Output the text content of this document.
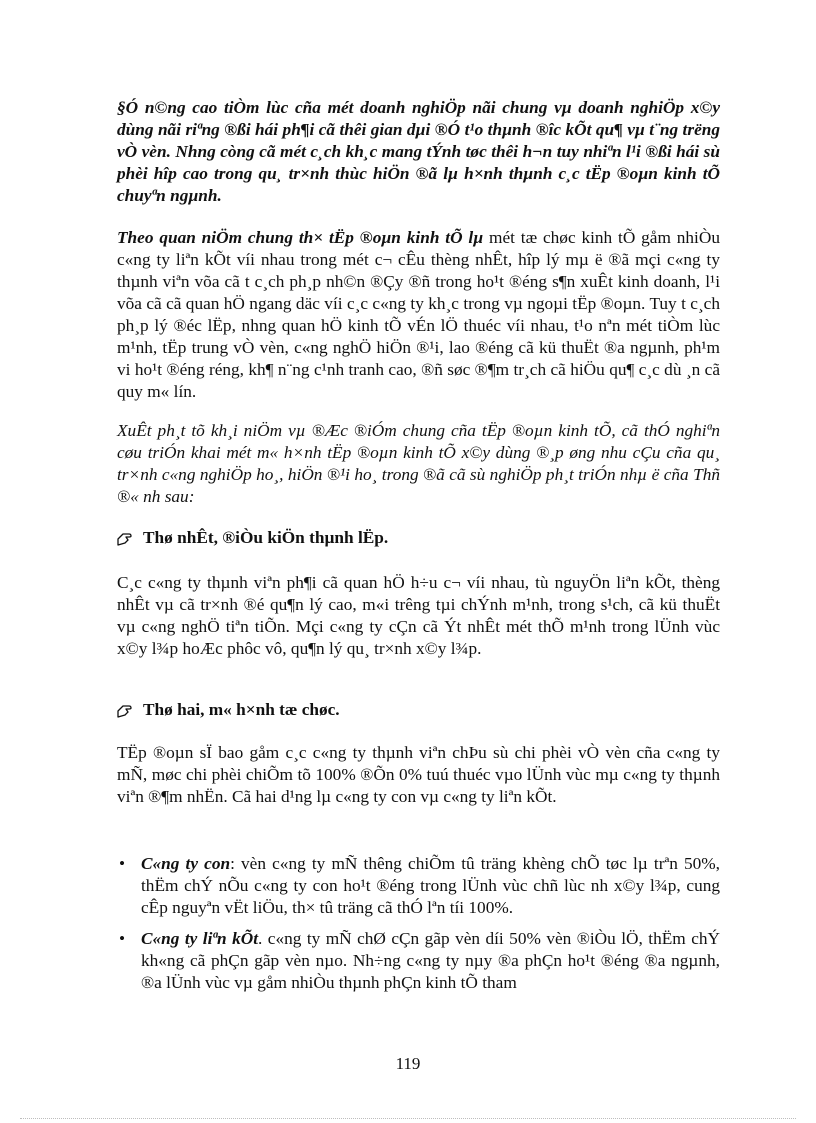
§Ó n©ng cao tiÒm lùc cña mét doanh nghiÖp nãi chung vµ doanh nghiÖp x©y dùng nãi riªng ®ßi hái ph¶i cã thêi gian dµi ®Ó t¹o thµnh ®îc kÕt qu¶ vµ t¨ng trëng vÒ vèn. Nhng còng cã mét c¸ch kh¸c mang tÝnh tøc thêi h¬n tuy nhiªn l¹i ®ßi hái sù phèi hîp cao trong qu¸ tr×nh thùc hiÖn ®ã lµ h×nh thµnh c¸c tËp ®oµn kinh tÕ chuyªn ngµnh.

Theo quan niÖm chung th× tËp ®oµn kinh tÕ lµ mét tæ chøc kinh tÕ gåm nhiÒu c«ng ty liªn kÕt víi nhau trong mét c¬ cÊu thèng nhÊt, hîp lý mµ ë ®ã mçi c«ng ty thµnh viªn võa cã t c¸ch ph¸p nh©n ®Çy ®ñ trong ho¹t ®éng s¶n xuÊt kinh doanh, l¹i võa cã cã quan hÖ ngang däc víi c¸c c«ng ty kh¸c trong vµ ngoµi tËp ®oµn. Tuy t c¸ch ph¸p lý ®éc lËp, nhng quan hÖ kinh tÕ vÉn lÖ thuéc víi nhau, t¹o nªn mét tiÒm lùc m¹nh, tËp trung vÒ vèn, c«ng nghÖ hiÖn ®¹i, lao ®éng cã kü thuËt ®a ngµnh, ph¹m vi ho¹t ®éng réng, kh¶ n¨ng c¹nh tranh cao, ®ñ søc ®¶m tr¸ch cã hiÖu qu¶ c¸c dù ¸n cã quy m« lín.

XuÊt ph¸t tõ kh¸i niÖm vµ ®Æc ®iÓm chung cña tËp ®oµn kinh tÕ, cã thÓ nghiªn cøu triÓn khai mét m« h×nh tËp ®oµn kinh tÕ x©y dùng ®¸p øng nhu cÇu cña qu¸ tr×nh c«ng nghiÖp ho¸, hiÖn ®¹i ho¸ trong ®ã cã sù nghiÖp ph¸t triÓn nhµ ë cña Thñ ®« nh sau:

Thø nhÊt, ®iÒu kiÖn thµnh lËp.

C¸c c«ng ty thµnh viªn ph¶i cã quan hÖ h÷u c¬ víi nhau, tù nguyÖn liªn kÕt, thèng nhÊt vµ cã tr×nh ®é qu¶n lý cao, m«i trêng tµi chÝnh m¹nh, trong s¹ch, cã kü thuËt vµ c«ng nghÖ tiªn tiÕn. Mçi c«ng ty cÇn cã Ýt nhÊt mét thÕ m¹nh trong lÜnh vùc x©y l¾p hoÆc phôc vô, qu¶n lý qu¸ tr×nh x©y l¾p.

Thø hai, m« h×nh tæ chøc.

TËp ®oµn sÏ bao gåm c¸c c«ng ty thµnh viªn chÞu sù chi phèi vÒ vèn cña c«ng ty mÑ, møc chi phèi chiÕm tõ 100% ®Õn 0% tuú thuéc vµo lÜnh vùc mµ c«ng ty thµnh viªn ®¶m nhËn. Cã hai d¹ng lµ c«ng ty con vµ c«ng ty liªn kÕt.

• C«ng ty con: vèn c«ng ty mÑ thêng chiÕm tû träng khèng chÕ tøc lµ trªn 50%, thËm chÝ nÕu c«ng ty con ho¹t ®éng trong lÜnh vùc chñ lùc nh x©y l¾p, cung cÊp nguyªn vËt liÖu, th× tû träng cã thÓ lªn tíi 100%.
• C«ng ty liªn kÕt. c«ng ty mÑ chØ cÇn gãp vèn díi 50% vèn ®iÒu lÖ, thËm chÝ kh«ng cã phÇn gãp vèn nµo. Nh÷ng c«ng ty nµy ®a phÇn ho¹t ®éng ®a ngµnh, ®a lÜnh vùc vµ gåm nhiÒu thµnh phÇn kinh tÕ tham
119
